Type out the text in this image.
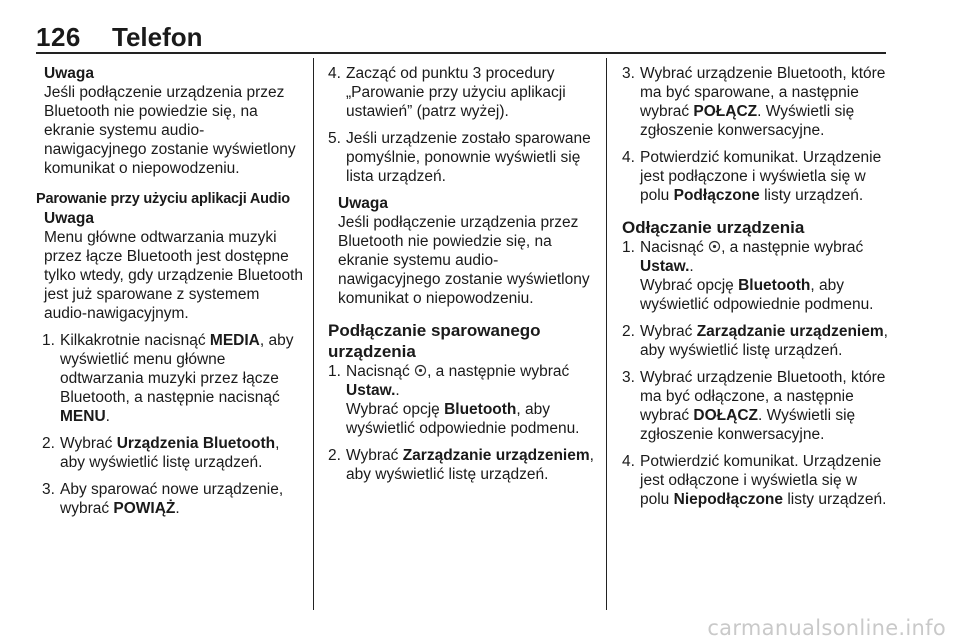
126 Telefon

Uwaga

Jeśli podłączenie urządzenia przez Bluetooth nie powiedzie się, na ekranie systemu audio-nawigacyjnego zostanie wyświetlony komunikat o niepowodzeniu.

Parowanie przy użyciu aplikacji Audio

Uwaga

Menu główne odtwarzania muzyki przez łącze Bluetooth jest dostępne tylko wtedy, gdy urządzenie Bluetooth jest już sparowane z systemem audio-nawigacyjnym.

1. Kilkakrotnie nacisnąć MEDIA, aby wyświetlić menu główne odtwarzania muzyki przez łącze Bluetooth, a następnie nacisnąć MENU.
2. Wybrać Urządzenia Bluetooth, aby wyświetlić listę urządzeń.
3. Aby sparować nowe urządzenie, wybrać POWIĄŻ.
4. Zacząć od punktu 3 procedury „Parowanie przy użyciu aplikacji ustawień” (patrz wyżej).
5. Jeśli urządzenie zostało sparowane pomyślnie, ponownie wyświetli się lista urządzeń.

Uwaga

Jeśli podłączenie urządzenia przez Bluetooth nie powiedzie się, na ekranie systemu audio-nawigacyjnego zostanie wyświetlony komunikat o niepowodzeniu.

Podłączanie sparowanego urządzenia

1. Nacisnąć , a następnie wybrać Ustaw..

Wybrać opcję Bluetooth, aby wyświetlić odpowiednie podmenu.

2. Wybrać Zarządzanie urządzeniem, aby wyświetlić listę urządzeń.
3. Wybrać urządzenie Bluetooth, które ma być sparowane, a następnie wybrać POŁĄCZ. Wyświetli się zgłoszenie konwersacyjne.
4. Potwierdzić komunikat. Urządzenie jest podłączone i wyświetla się w polu Podłączone listy urządzeń.

Odłączanie urządzenia

1. Nacisnąć , a następnie wybrać Ustaw..

Wybrać opcję Bluetooth, aby wyświetlić odpowiednie podmenu.

2. Wybrać Zarządzanie urządzeniem, aby wyświetlić listę urządzeń.
3. Wybrać urządzenie Bluetooth, które ma być odłączone, a następnie wybrać DOŁĄCZ. Wyświetli się zgłoszenie konwersacyjne.
4. Potwierdzić komunikat. Urządzenie jest odłączone i wyświetla się w polu Niepodłączone listy urządzeń.
carmanualsonline.info
